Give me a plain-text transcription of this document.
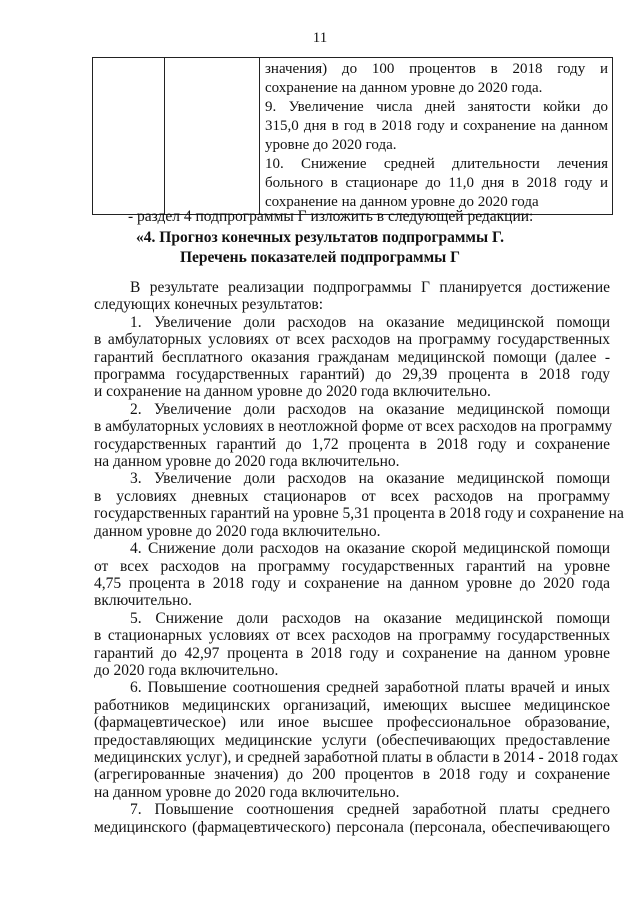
11

значения) до 100 процентов в 2018 году и
сохранение на данном уровне до 2020 года.
9. Увеличение числа дней занятости койки до
315,0 дня в год в 2018 году и сохранение на данном
уровне до 2020 года.
10. Снижение средней длительности лечения
больного в стационаре до 11,0 дня в 2018 году и
сохранение на данном уровне до 2020 года
- раздел 4 подпрограммы Г изложить в следующей редакции:
«4. Прогноз конечных результатов подпрограммы Г.
Перечень показателей подпрограммы Г
В результате реализации подпрограммы Г планируется достижение
следующих конечных результатов:
1. Увеличение доли расходов на оказание медицинской помощи
в амбулаторных условиях от всех расходов на программу государственных
гарантий бесплатного оказания гражданам медицинской помощи (далее -
программа государственных гарантий) до 29,39 процента в 2018 году
и сохранение на данном уровне до 2020 года включительно.
2. Увеличение доли расходов на оказание медицинской помощи
в амбулаторных условиях в неотложной форме от всех расходов на программу
государственных гарантий до 1,72 процента в 2018 году и сохранение
на данном уровне до 2020 года включительно.
3. Увеличение доли расходов на оказание медицинской помощи
в условиях дневных стационаров от всех расходов на программу
государственных гарантий на уровне 5,31 процента в 2018 году и сохранение на
данном уровне до 2020 года включительно.
4. Снижение доли расходов на оказание скорой медицинской помощи
от всех расходов на программу государственных гарантий на уровне
4,75 процента в 2018 году и сохранение на данном уровне до 2020 года
включительно.
5. Снижение доли расходов на оказание медицинской помощи
в стационарных условиях от всех расходов на программу государственных
гарантий до 42,97 процента в 2018 году и сохранение на данном уровне
до 2020 года включительно.
6. Повышение соотношения средней заработной платы врачей и иных
работников медицинских организаций, имеющих высшее медицинское
(фармацевтическое) или иное высшее профессиональное образование,
предоставляющих медицинские услуги (обеспечивающих предоставление
медицинских услуг), и средней заработной платы в области в 2014 - 2018 годах
(агрегированные значения) до 200 процентов в 2018 году и сохранение
на данном уровне до 2020 года включительно.
7. Повышение соотношения средней заработной платы среднего
медицинского (фармацевтического) персонала (персонала, обеспечивающего
